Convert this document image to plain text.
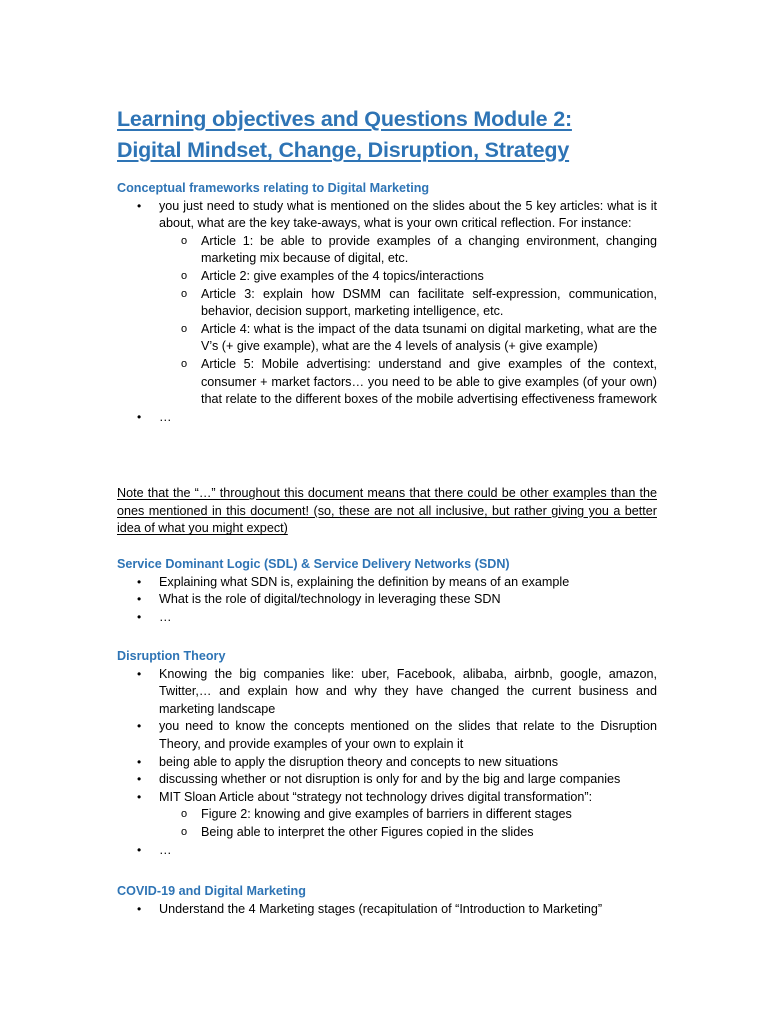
Learning objectives and Questions Module 2:
Digital Mindset, Change, Disruption, Strategy
Conceptual frameworks relating to Digital Marketing
• you just need to study what is mentioned on the slides about the 5 key articles: what is it about, what are the key take-aways, what is your own critical reflection. For instance:
o Article 1: be able to provide examples of a changing environment, changing marketing mix because of digital, etc.
o Article 2: give examples of the 4 topics/interactions
o Article 3: explain how DSMM can facilitate self-expression, communication, behavior, decision support, marketing intelligence, etc.
o Article 4: what is the impact of the data tsunami on digital marketing, what are the V’s (+ give example), what are the 4 levels of analysis (+ give example)
o Article 5: Mobile advertising: understand and give examples of the context, consumer + market factors… you need to be able to give examples (of your own) that relate to the different boxes of the mobile advertising effectiveness framework
• …
Note that the “…” throughout this document means that there could be other examples than the ones mentioned in this document! (so, these are not all inclusive, but rather giving you a better idea of what you might expect)
Service Dominant Logic (SDL) & Service Delivery Networks (SDN)
• Explaining what SDN is, explaining the definition by means of an example
• What is the role of digital/technology in leveraging these SDN
• …
Disruption Theory
• Knowing the big companies like: uber, Facebook, alibaba, airbnb, google, amazon, Twitter,… and explain how and why they have changed the current business and marketing landscape
• you need to know the concepts mentioned on the slides that relate to the Disruption Theory, and provide examples of your own to explain it
• being able to apply the disruption theory and concepts to new situations
• discussing whether or not disruption is only for and by the big and large companies
• MIT Sloan Article about “strategy not technology drives digital transformation”:
o Figure 2: knowing and give examples of barriers in different stages
o Being able to interpret the other Figures copied in the slides
• …
COVID-19 and Digital Marketing
• Understand the 4 Marketing stages (recapitulation of “Introduction to Marketing”
